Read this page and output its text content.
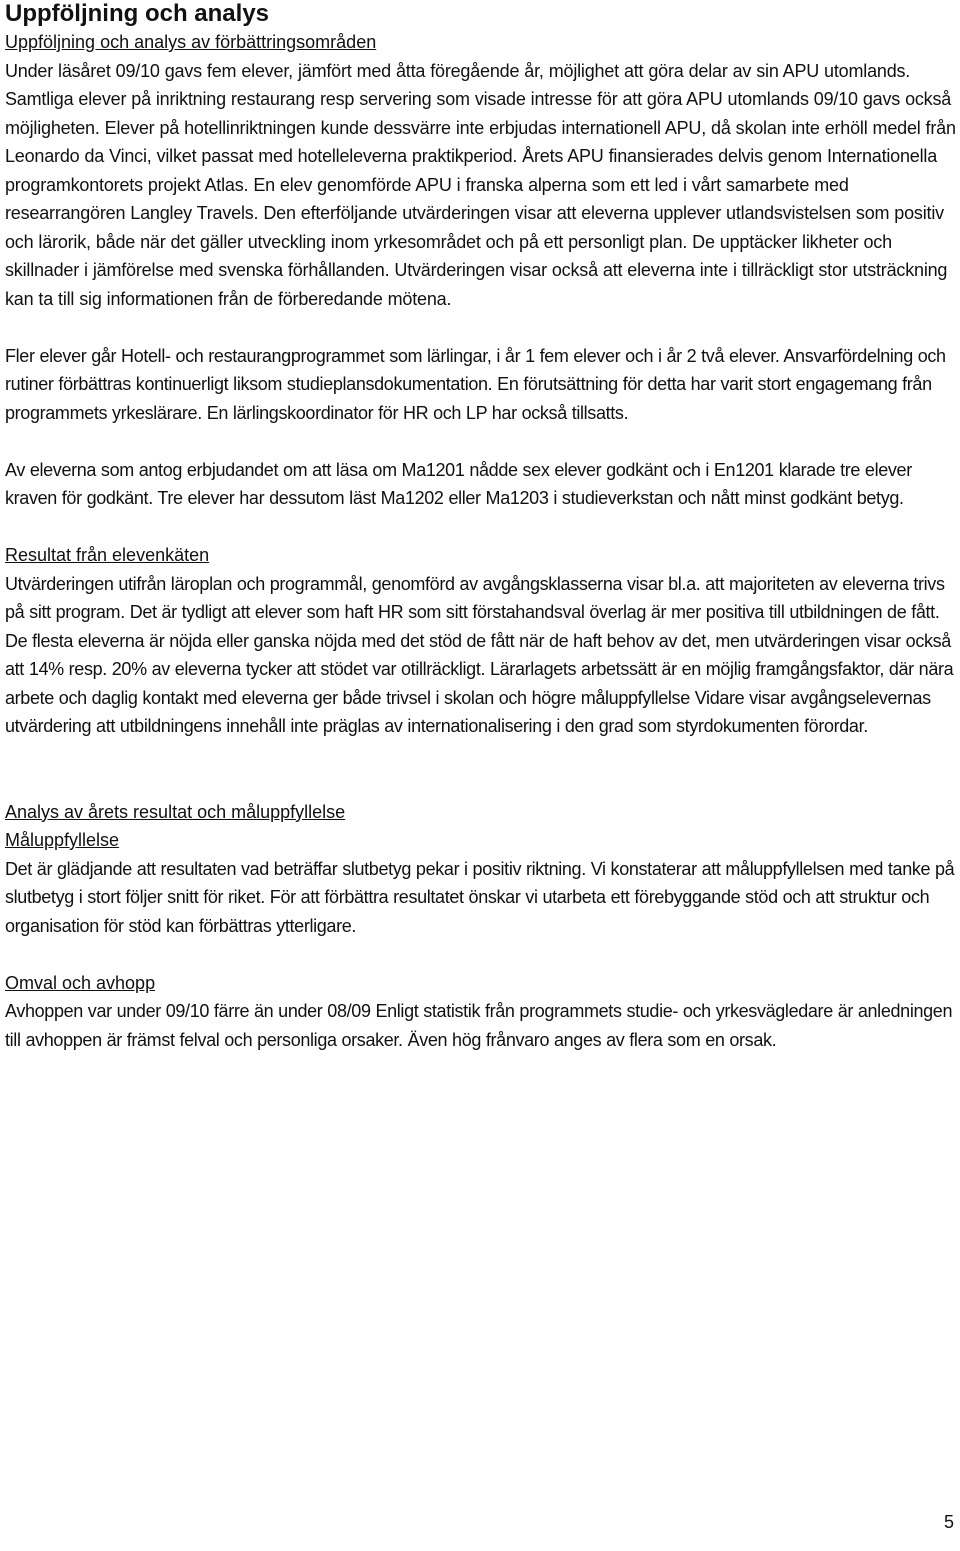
Uppföljning och analys
Uppföljning och analys av förbättringsområden

Under läsåret 09/10 gavs fem elever, jämfört med åtta föregående år, möjlighet att göra delar av sin APU utomlands. Samtliga elever på inriktning restaurang resp servering som visade intresse för att göra APU utomlands 09/10 gavs också möjligheten. Elever på hotellinriktningen kunde dessvärre inte erbjudas internationell APU, då skolan inte erhöll medel från Leonardo da Vinci, vilket passat med hotelleleverna praktikperiod. Årets APU finansierades delvis genom Internationella programkontorets projekt Atlas. En elev genomförde APU i franska alperna som ett led i vårt samarbete med researrangören Langley Travels. Den efterföljande utvärderingen visar att eleverna upplever utlandsvistelsen som positiv och lärorik, både när det gäller utveckling inom yrkesområdet och på ett personligt plan. De upptäcker likheter och skillnader i jämförelse med svenska förhållanden. Utvärderingen visar också att eleverna inte i tillräckligt stor utsträckning kan ta till sig informationen från de förberedande mötena.

Fler elever går Hotell- och restaurangprogrammet som lärlingar, i år 1 fem elever och i år 2 två elever. Ansvarfördelning och rutiner förbättras kontinuerligt liksom studieplansdokumentation. En förutsättning för detta har varit stort engagemang från programmets yrkeslärare. En lärlingskoordinator för HR och LP har också tillsatts.

Av eleverna som antog erbjudandet om att läsa om Ma1201 nådde sex elever godkänt och i En1201 klarade tre elever kraven för godkänt. Tre elever har dessutom läst Ma1202 eller Ma1203 i studieverkstan och nått minst godkänt betyg.

Resultat från elevenkäten

Utvärderingen utifrån läroplan och programmål, genomförd av avgångsklasserna visar bl.a. att majoriteten av eleverna trivs på sitt program. Det är tydligt att elever som haft HR som sitt förstahandsval överlag är mer positiva till utbildningen de fått. De flesta eleverna är nöjda eller ganska nöjda med det stöd de fått när de haft behov av det, men utvärderingen visar också att 14% resp. 20% av eleverna tycker att stödet var otillräckligt. Lärarlagets arbetssätt är en möjlig framgångsfaktor, där nära arbete och daglig kontakt med eleverna ger både trivsel i skolan och högre måluppfyllelse Vidare visar avgångselevernas utvärdering att utbildningens innehåll inte präglas av internationalisering i den grad som styrdokumenten förordar.

Analys av årets resultat och måluppfyllelse
Måluppfyllelse

Det är glädjande att resultaten vad beträffar slutbetyg pekar i positiv riktning. Vi konstaterar att måluppfyllelsen med tanke på slutbetyg i stort följer snitt för riket. För att förbättra resultatet önskar vi utarbeta ett förebyggande stöd och att struktur och organisation för stöd kan förbättras ytterligare.

Omval och avhopp

Avhoppen var under 09/10 färre än under 08/09 Enligt statistik från programmets studie- och yrkesvägledare är anledningen till avhoppen är främst felval och personliga orsaker. Även hög frånvaro anges av flera som en orsak.

5
